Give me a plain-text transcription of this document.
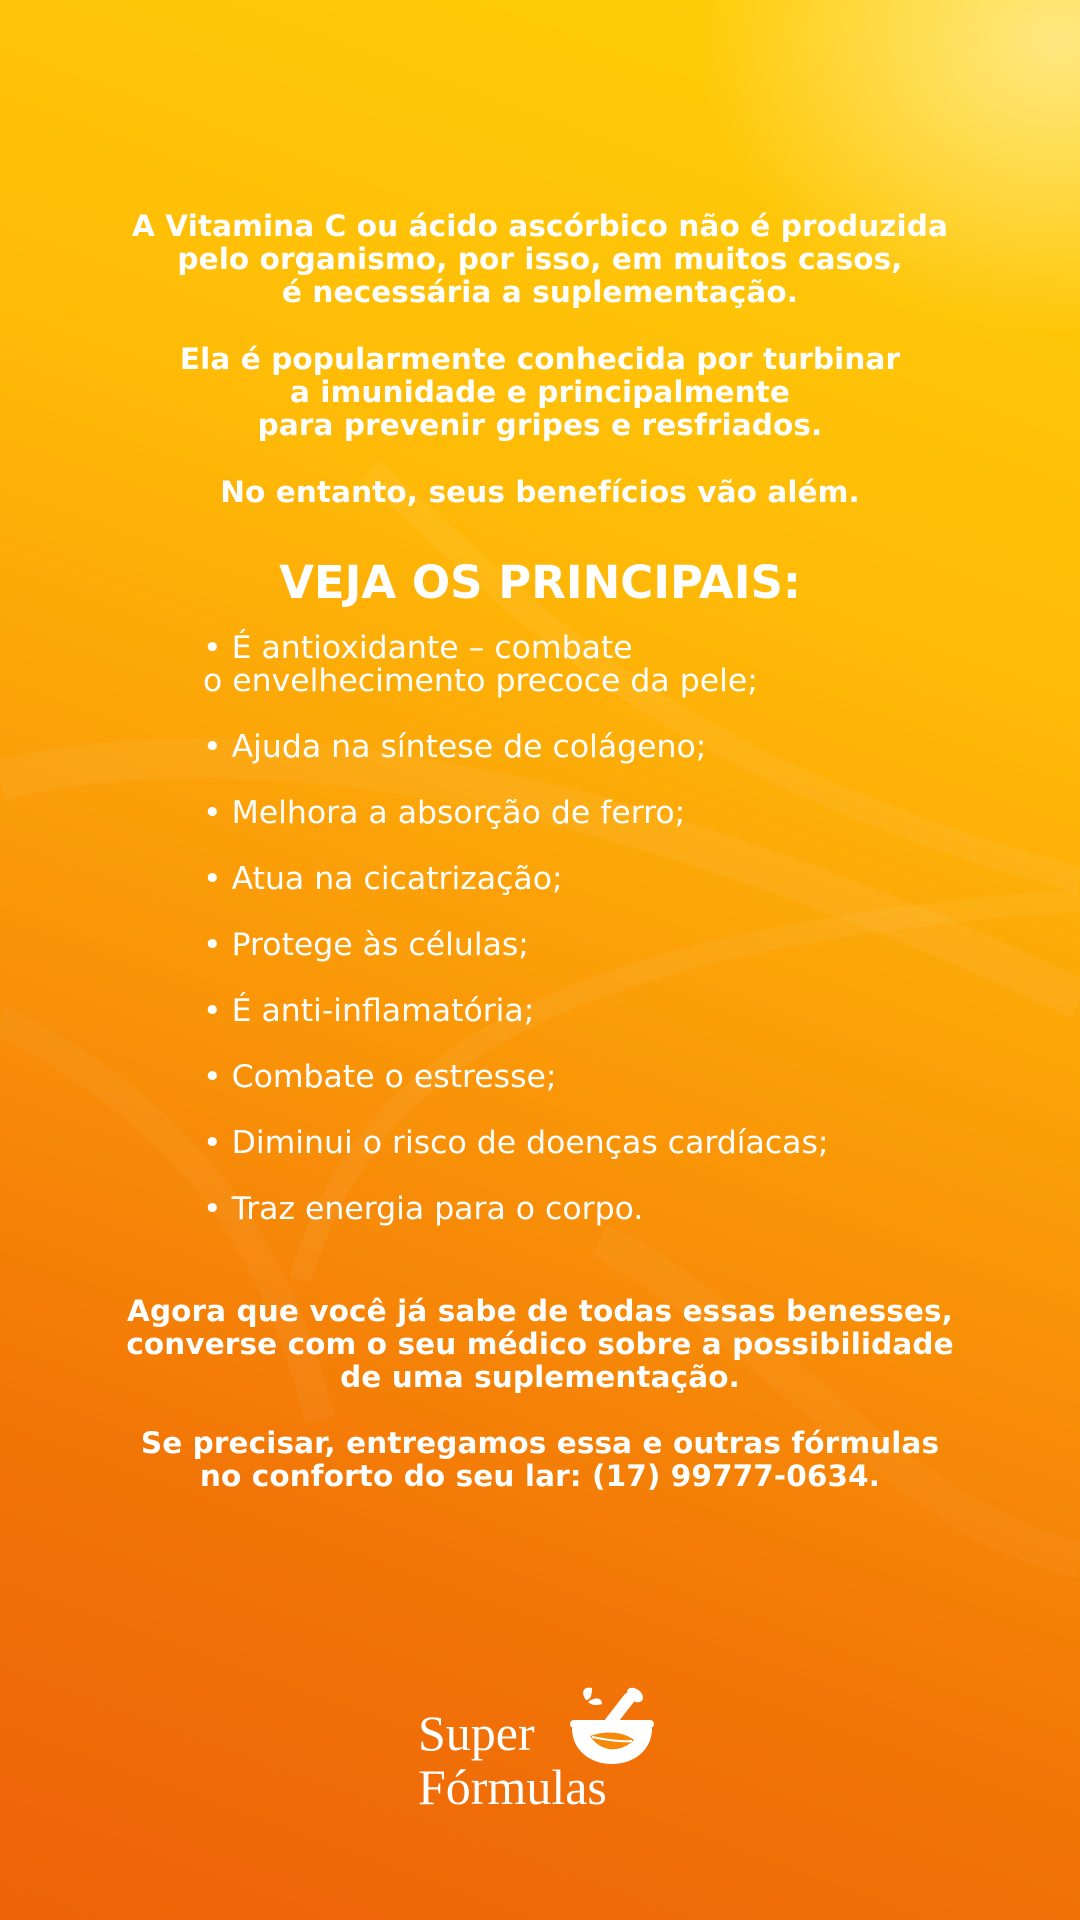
A Vitamina C ou ácido ascórbico não é produzida

pelo organismo, por isso, em muitos casos,

é necessária a suplementação.

Ela é popularmente conhecida por turbinar

a imunidade e principalmente

para prevenir gripes e resfriados.

No entanto, seus benefícios vão além.

VEJA OS PRINCIPAIS:
• É antioxidante – combate
o envelhecimento precoce da pele;
• Ajuda na síntese de colágeno;
• Melhora a absorção de ferro;
• Atua na cicatrização;
• Protege às células;
• É anti-inflamatória;
• Combate o estresse;
• Diminui o risco de doenças cardíacas;
• Traz energia para o corpo.

Agora que você já sabe de todas essas benesses,

converse com o seu médico sobre a possibilidade

de uma suplementação.

Se precisar, entregamos essa e outras fórmulas

no conforto do seu lar: (17) 99777-0634.

Super
Fórmulas
